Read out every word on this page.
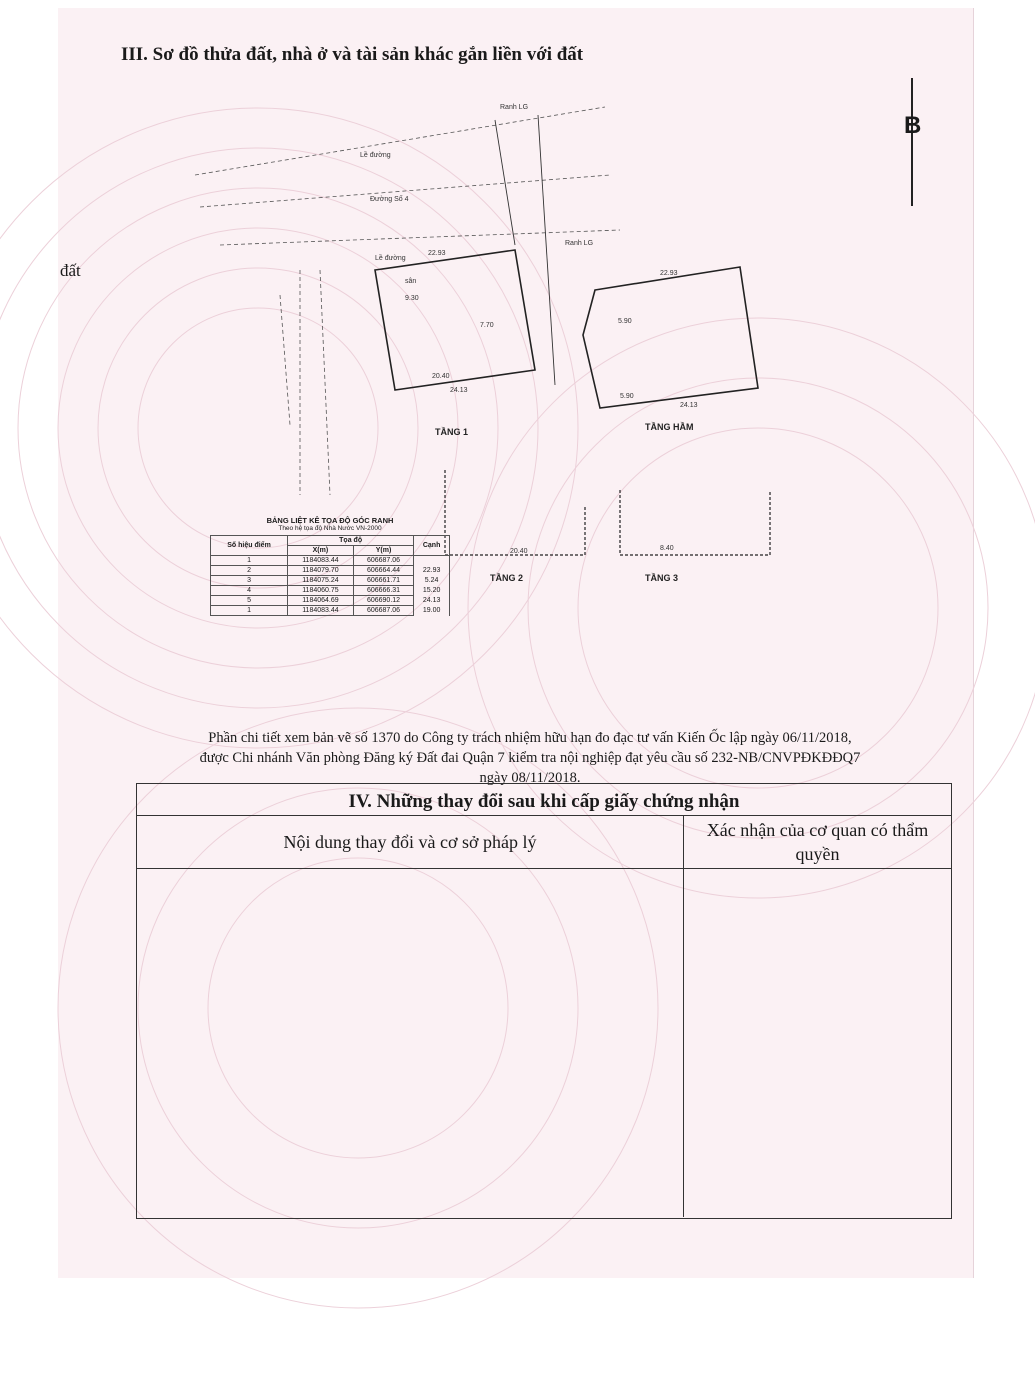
III. Sơ đồ thửa đất, nhà ở và tài sản khác gắn liền với đất
đất
B
Ranh LG
Lề đường
Đường Số 4
Lề đường
Ranh LG
sân
22.93
9.30
7.70
20.40
24.13
TẦNG 1
22.93
5.90
5.90
24.13
TẦNG HẦM
20.40
TẦNG 2
8.40
TẦNG 3
BẢNG LIỆT KÊ TỌA ĐỘ GÓC RANH
Theo hệ tọa độ Nhà Nước VN-2000
Số hiệu điểm	Tọa độ		Cạnh
	X(m)	Y(m)	
1	1184083.44	606687.06	
2	1184079.70	606664.44	22.93
3	1184075.24	606661.71	5.24
4	1184060.75	606666.31	15.20
5	1184064.69	606690.12	24.13
1	1184083.44	606687.06	19.00
Phần chi tiết xem bản vẽ số 1370 do Công ty trách nhiệm hữu hạn đo đạc tư vấn Kiến Ốc lập ngày 06/11/2018,
được Chi nhánh Văn phòng Đăng ký Đất đai Quận 7 kiểm tra nội nghiệp đạt yêu cầu số 232-NB/CNVPĐKĐĐQ7
ngày 08/11/2018.
IV. Những thay đổi sau khi cấp giấy chứng nhận
Nội dung thay đổi và cơ sở pháp lý
Xác nhận của cơ quan có thẩm quyền
